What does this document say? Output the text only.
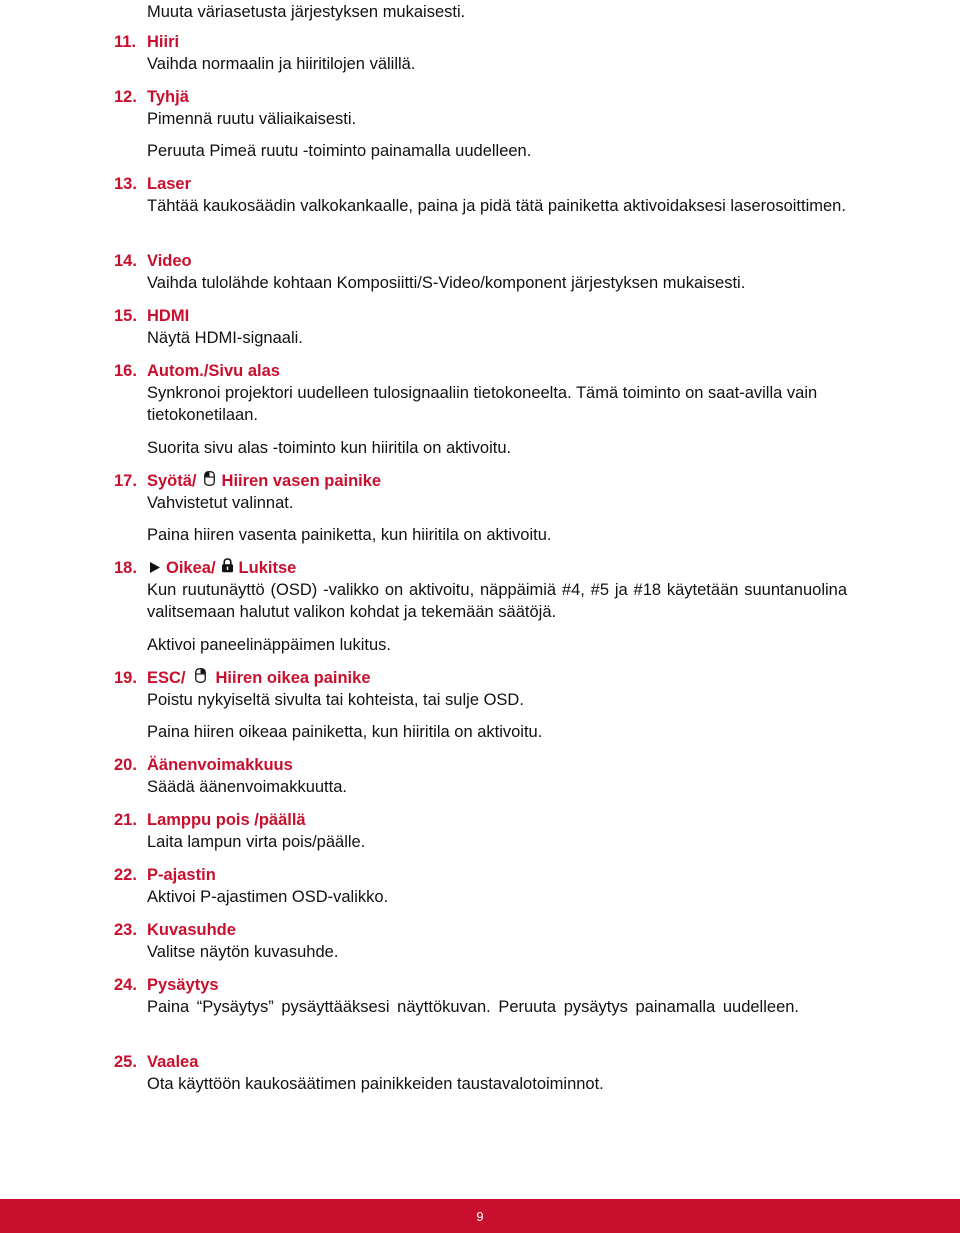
Muuta väriasetusta järjestyksen mukaisesti.
11. Hiiri
Vaihda normaalin ja hiiritilojen välillä.
12. Tyhjä
Pimennä ruutu väliaikaisesti.
Peruuta Pimeä ruutu -toiminto painamalla uudelleen.
13. Laser
Tähtää kaukosäädin valkokankaalle, paina ja pidä tätä painiketta aktivoidaksesi laserosoittimen.
14. Video
Vaihda tulolähde kohtaan Komposiitti/S-Video/komponent järjestyksen mukaisesti.
15. HDMI
Näytä HDMI-signaali.
16. Autom./Sivu alas
Synkronoi projektori uudelleen tulosignaaliin tietokoneelta. Tämä toiminto on saat-avilla vain tietokonetilaan.
Suorita sivu alas -toiminto kun hiiritila on aktivoitu.
17. Syötä/ Hiiren vasen painike
Vahvistetut valinnat.
Paina hiiren vasenta painiketta, kun hiiritila on aktivoitu.
18.	Oikea/ Lukitse
Kun ruutunäyttö (OSD) -valikko on aktivoitu, näppäimiä #4, #5 ja #18 käytetään suuntanuolina valitsemaan halutut valikon kohdat ja tekemään säätöjä.
Aktivoi paneelinäppäimen lukitus.
19. ESC/ Hiiren oikea painike
Poistu nykyiseltä sivulta tai kohteista, tai sulje OSD.
Paina hiiren oikeaa painiketta, kun hiiritila on aktivoitu.
20. Äänenvoimakkuus
Säädä äänenvoimakkuutta.
21. Lamppu pois /päällä
Laita lampun virta pois/päälle.
22. P-ajastin
Aktivoi P-ajastimen OSD-valikko.
23. Kuvasuhde
Valitse näytön kuvasuhde.
24. Pysäytys
Paina “Pysäytys” pysäyttääksesi näyttökuvan. Peruuta pysäytys painamalla uudelleen.
25. Vaalea
Ota käyttöön kaukosäätimen painikkeiden taustavalotoiminnot.
9
